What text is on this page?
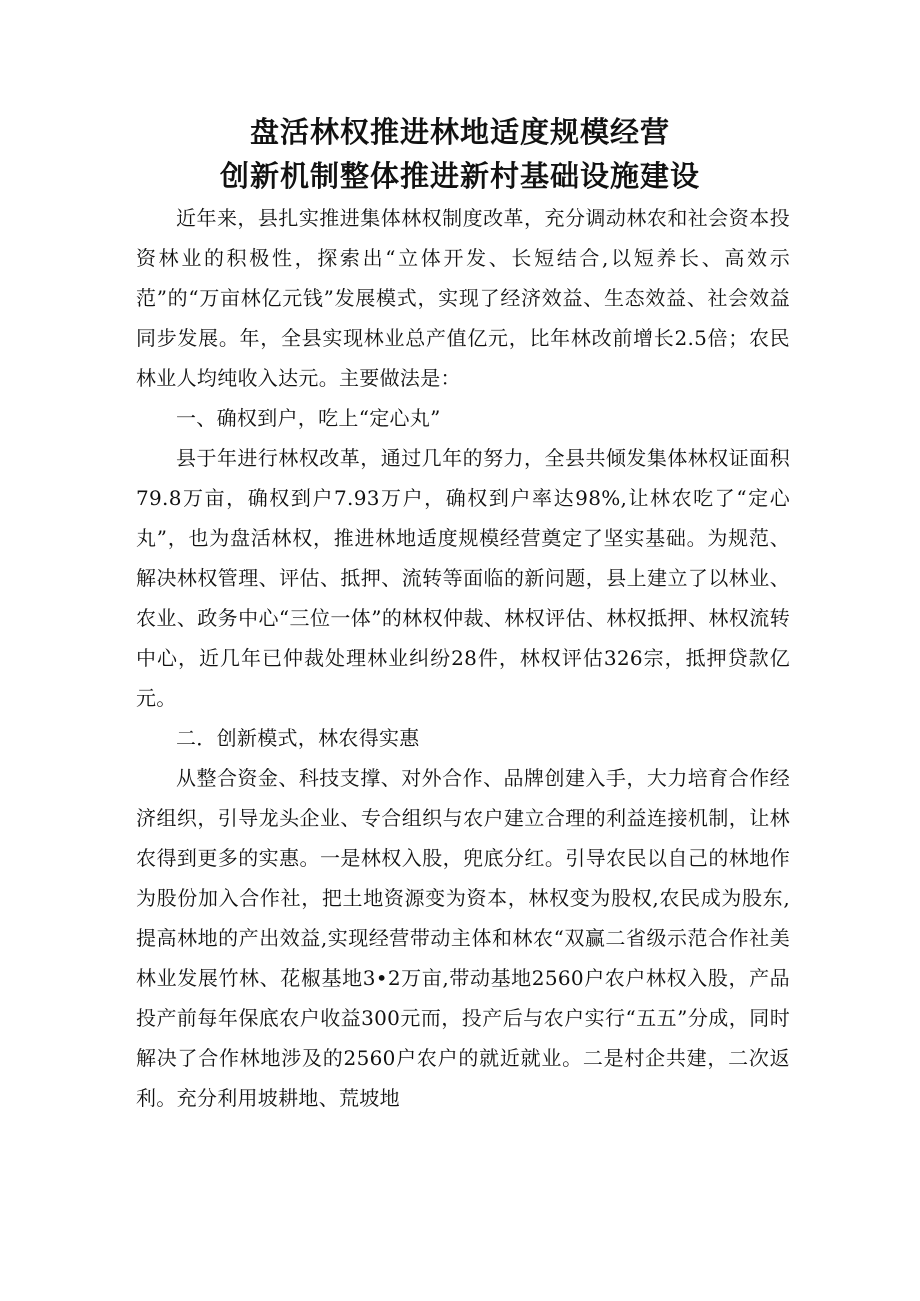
盘活林权推进林地适度规模经营
创新机制整体推进新村基础设施建设

近年来，县扎实推进集体林权制度改革，充分调动林农和社会资本投资林业的积极性，探索出“立体开发、长短结合,以短养长、高效示范”的“万亩林亿元钱”发展模式，实现了经济效益、生态效益、社会效益同步发展。年，全县实现林业总产值亿元，比年林改前增长2.5倍；农民林业人均纯收入达元。主要做法是：

一、确权到户，吃上“定心丸”

县于年进行林权改革，通过几年的努力，全县共倾发集体林权证面积79.8万亩，确权到户7.93万户，确权到户率达98%,让林农吃了“定心丸”，也为盘活林权，推进林地适度规模经营奠定了坚实基础。为规范、解决林权管理、评估、抵押、流转等面临的新问题，县上建立了以林业、农业、政务中心“三位一体”的林权仲裁、林权评估、林权抵押、林权流转中心，近几年已仲裁处理林业纠纷28件，林权评估326宗，抵押贷款亿元。

二．创新模式，林农得实惠

从整合资金、科技支撑、对外合作、品牌创建入手，大力培育合作经济组织，引导龙头企业、专合组织与农户建立合理的利益连接机制，让林农得到更多的实惠。一是林权入股，兜底分红。引导农民以自己的林地作为股份加入合作社，把土地资源变为资本，林权变为股权,农民成为股东,提高林地的产出效益,实现经营带动主体和林农“双赢二省级示范合作社美林业发展竹林、花椒基地3•2万亩,带动基地2560户农户林权入股，产品投产前每年保底农户收益300元而，投产后与农户实行“五五”分成，同时解决了合作林地涉及的2560户农户的就近就业。二是村企共建，二次返利。充分利用坡耕地、荒坡地
